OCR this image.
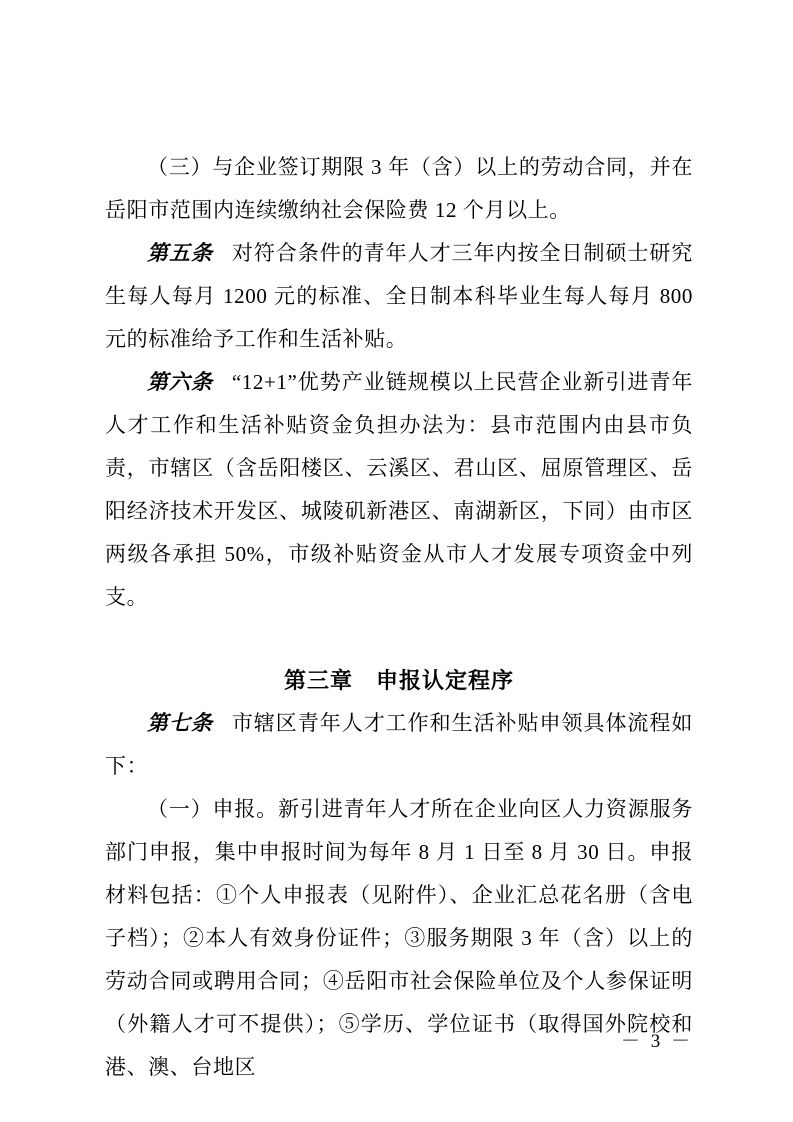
（三）与企业签订期限 3 年（含）以上的劳动合同，并在岳阳市范围内连续缴纳社会保险费 12 个月以上。

第五条 对符合条件的青年人才三年内按全日制硕士研究生每人每月 1200 元的标准、全日制本科毕业生每人每月 800 元的标准给予工作和生活补贴。

第六条 “12+1”优势产业链规模以上民营企业新引进青年人才工作和生活补贴资金负担办法为：县市范围内由县市负责，市辖区（含岳阳楼区、云溪区、君山区、屈原管理区、岳阳经济技术开发区、城陵矶新港区、南湖新区，下同）由市区两级各承担 50%，市级补贴资金从市人才发展专项资金中列支。

第三章　申报认定程序

第七条 市辖区青年人才工作和生活补贴申领具体流程如下：

（一）申报。新引进青年人才所在企业向区人力资源服务部门申报，集中申报时间为每年 8 月 1 日至 8 月 30 日。申报材料包括：①个人申报表（见附件）、企业汇总花名册（含电子档）；②本人有效身份证件；③服务期限 3 年（含）以上的劳动合同或聘用合同；④岳阳市社会保险单位及个人参保证明（外籍人才可不提供）；⑤学历、学位证书（取得国外院校和港、澳、台地区

－ 3 －
